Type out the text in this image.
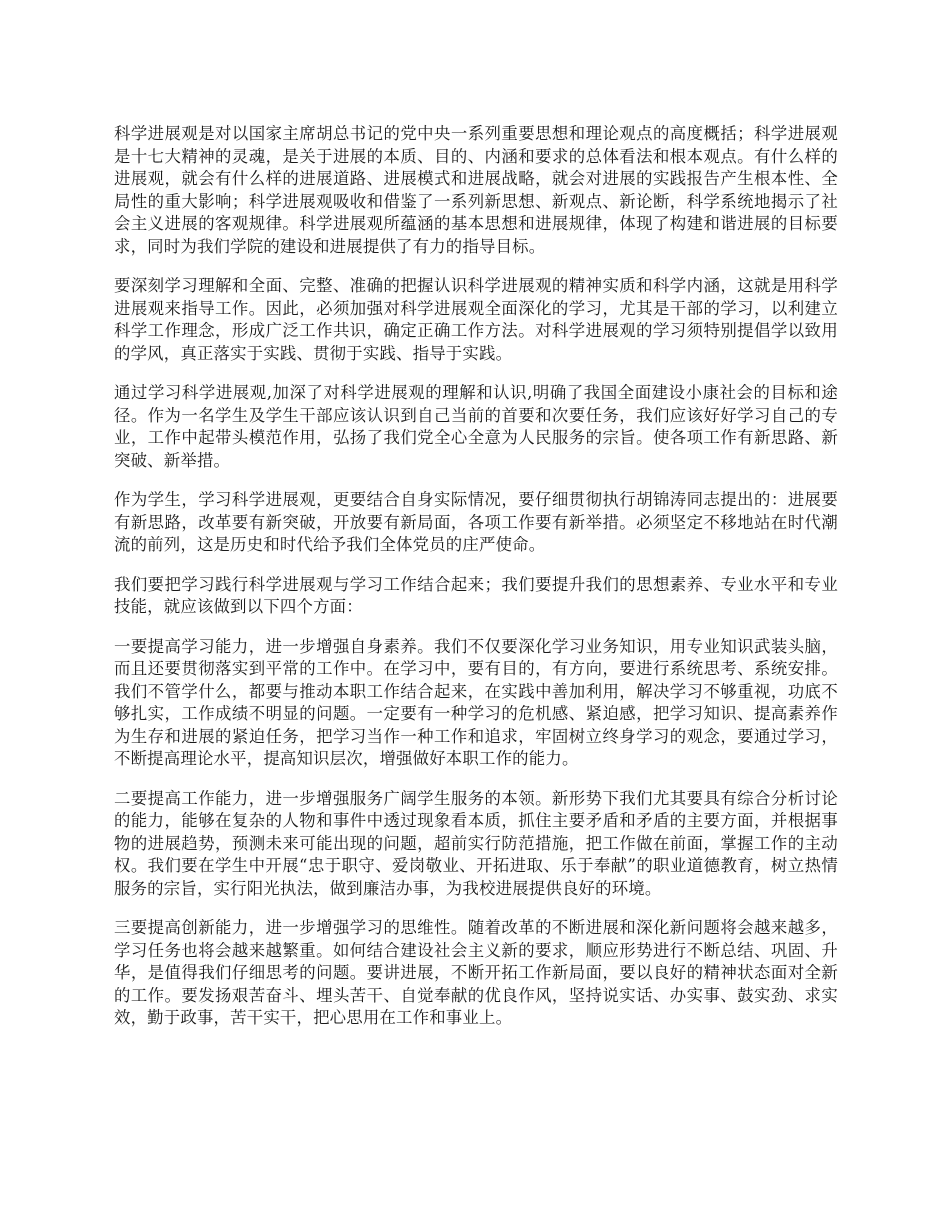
科学进展观是对以国家主席胡总书记的党中央一系列重要思想和理论观点的高度概括；科学进展观是十七大精神的灵魂，是关于进展的本质、目的、内涵和要求的总体看法和根本观点。有什么样的进展观，就会有什么样的进展道路、进展模式和进展战略，就会对进展的实践报告产生根本性、全局性的重大影响；科学进展观吸收和借鉴了一系列新思想、新观点、新论断，科学系统地揭示了社会主义进展的客观规律。科学进展观所蕴涵的基本思想和进展规律，体现了构建和谐进展的目标要求，同时为我们学院的建设和进展提供了有力的指导目标。

要深刻学习理解和全面、完整、准确的把握认识科学进展观的精神实质和科学内涵，这就是用科学进展观来指导工作。因此，必须加强对科学进展观全面深化的学习，尤其是干部的学习，以利建立科学工作理念，形成广泛工作共识，确定正确工作方法。对科学进展观的学习须特别提倡学以致用的学风，真正落实于实践、贯彻于实践、指导于实践。

通过学习科学进展观,加深了对科学进展观的理解和认识,明确了我国全面建设小康社会的目标和途径。作为一名学生及学生干部应该认识到自己当前的首要和次要任务，我们应该好好学习自己的专业，工作中起带头模范作用，弘扬了我们党全心全意为人民服务的宗旨。使各项工作有新思路、新突破、新举措。

作为学生，学习科学进展观，更要结合自身实际情况，要仔细贯彻执行胡锦涛同志提出的：进展要有新思路，改革要有新突破，开放要有新局面，各项工作要有新举措。必须坚定不移地站在时代潮流的前列，这是历史和时代给予我们全体党员的庄严使命。

我们要把学习践行科学进展观与学习工作结合起来；我们要提升我们的思想素养、专业水平和专业技能，就应该做到以下四个方面：

一要提高学习能力，进一步增强自身素养。我们不仅要深化学习业务知识，用专业知识武装头脑，而且还要贯彻落实到平常的工作中。在学习中，要有目的，有方向，要进行系统思考、系统安排。我们不管学什么，都要与推动本职工作结合起来，在实践中善加利用，解决学习不够重视，功底不够扎实，工作成绩不明显的问题。一定要有一种学习的危机感、紧迫感，把学习知识、提高素养作为生存和进展的紧迫任务，把学习当作一种工作和追求，牢固树立终身学习的观念，要通过学习，不断提高理论水平，提高知识层次，增强做好本职工作的能力。

二要提高工作能力，进一步增强服务广阔学生服务的本领。新形势下我们尤其要具有综合分析讨论的能力，能够在复杂的人物和事件中透过现象看本质，抓住主要矛盾和矛盾的主要方面，并根据事物的进展趋势，预测未来可能出现的问题，超前实行防范措施，把工作做在前面，掌握工作的主动权。我们要在学生中开展“忠于职守、爱岗敬业、开拓进取、乐于奉献”的职业道德教育，树立热情服务的宗旨，实行阳光执法，做到廉洁办事，为我校进展提供良好的环境。

三要提高创新能力，进一步增强学习的思维性。随着改革的不断进展和深化新问题将会越来越多，学习任务也将会越来越繁重。如何结合建设社会主义新的要求，顺应形势进行不断总结、巩固、升华，是值得我们仔细思考的问题。要讲进展，不断开拓工作新局面，要以良好的精神状态面对全新的工作。要发扬艰苦奋斗、埋头苦干、自觉奉献的优良作风，坚持说实话、办实事、鼓实劲、求实效，勤于政事，苦干实干，把心思用在工作和事业上。
